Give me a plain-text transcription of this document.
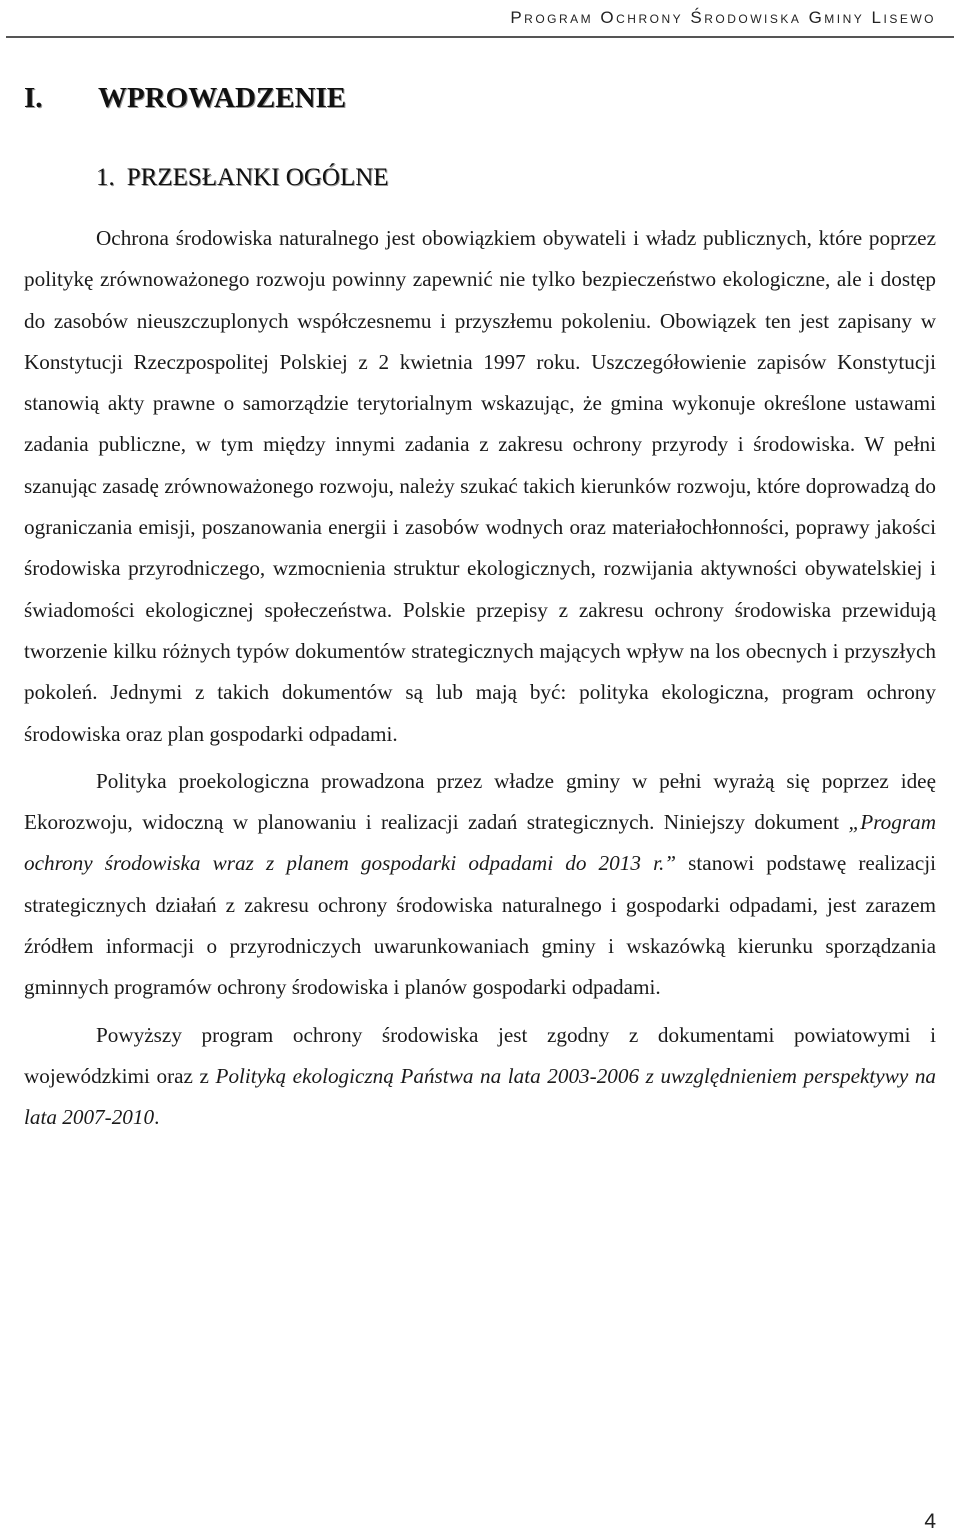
Program Ochrony Środowiska Gminy Lisewo
I. WPROWADZENIE
1. PRZESŁANKI OGÓLNE

Ochrona środowiska naturalnego jest obowiązkiem obywateli i władz publicznych, które poprzez politykę zrównoważonego rozwoju powinny zapewnić nie tylko bezpieczeństwo ekologiczne, ale i dostęp do zasobów nieuszczuplonych współczesnemu i przyszłemu pokoleniu. Obowiązek ten jest zapisany w Konstytucji Rzeczpospolitej Polskiej z 2 kwietnia 1997 roku. Uszczegółowienie zapisów Konstytucji stanowią akty prawne o samorządzie terytorialnym wskazując, że gmina wykonuje określone ustawami zadania publiczne, w tym między innymi zadania z zakresu ochrony przyrody i środowiska. W pełni szanując zasadę zrównoważonego rozwoju, należy szukać takich kierunków rozwoju, które doprowadzą do ograniczania emisji, poszanowania energii i zasobów wodnych oraz materiałochłonności, poprawy jakości środowiska przyrodniczego, wzmocnienia struktur ekologicznych, rozwijania aktywności obywatelskiej i świadomości ekologicznej społeczeństwa. Polskie przepisy z zakresu ochrony środowiska przewidują tworzenie kilku różnych typów dokumentów strategicznych mających wpływ na los obecnych i przyszłych pokoleń. Jednymi z takich dokumentów są lub mają być: polityka ekologiczna, program ochrony środowiska oraz plan gospodarki odpadami.

Polityka proekologiczna prowadzona przez władze gminy w pełni wyrażą się poprzez ideę Ekorozwoju, widoczną w planowaniu i realizacji zadań strategicznych. Niniejszy dokument „Program ochrony środowiska wraz z planem gospodarki odpadami do 2013 r.” stanowi podstawę realizacji strategicznych działań z zakresu ochrony środowiska naturalnego i gospodarki odpadami, jest zarazem źródłem informacji o przyrodniczych uwarunkowaniach gminy i wskazówką kierunku sporządzania gminnych programów ochrony środowiska i planów gospodarki odpadami.

Powyższy program ochrony środowiska jest zgodny z dokumentami powiatowymi i wojewódzkimi oraz z Polityką ekologiczną Państwa na lata 2003-2006 z uwzględnieniem perspektywy na lata 2007-2010.

4
